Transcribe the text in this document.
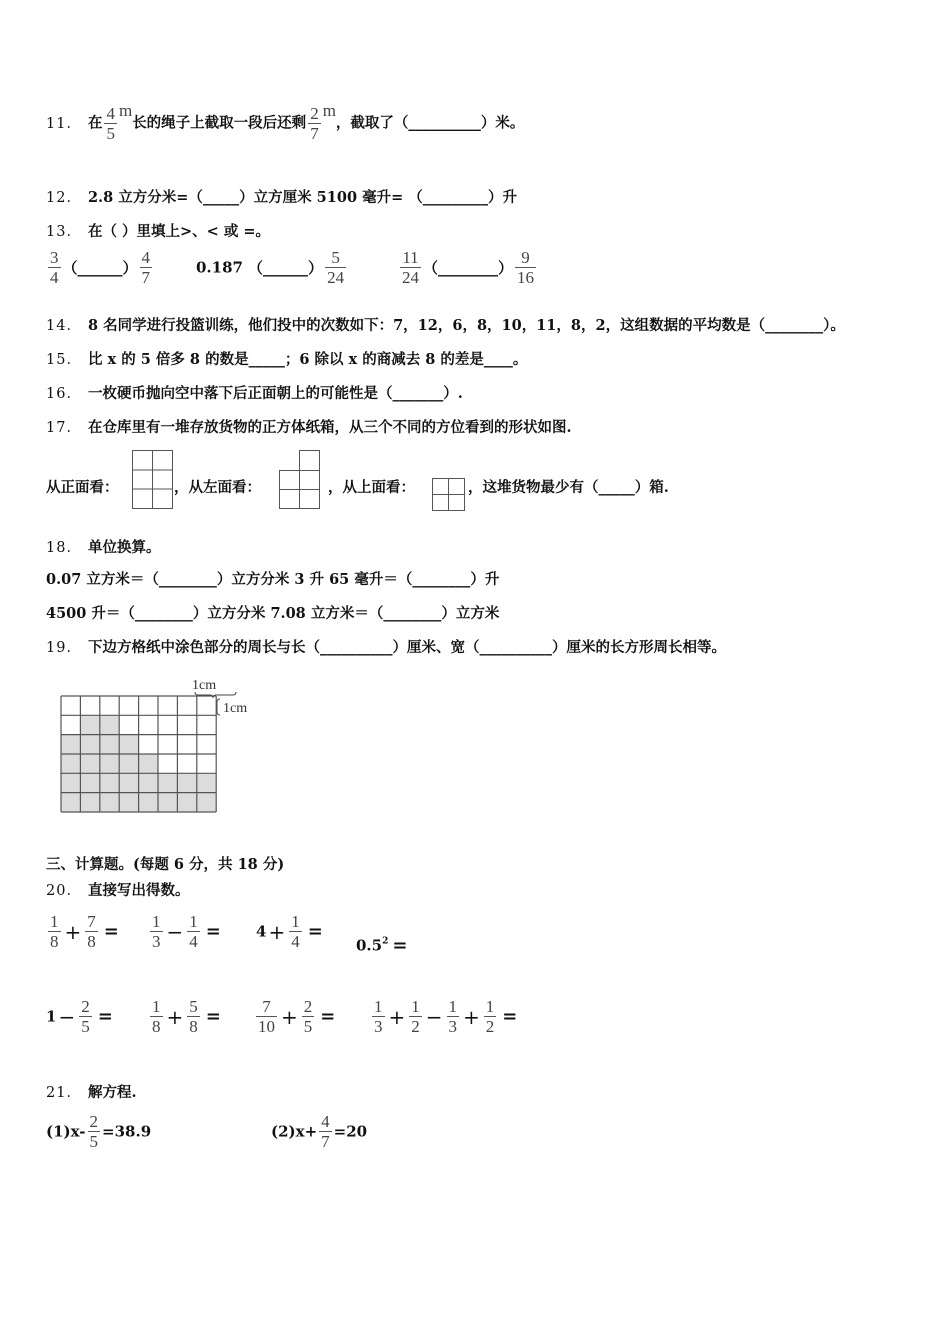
11． 在 $\frac{4}{5}$ m长的绳子上截取一段后还剩 $\frac{2}{7}$ m，截取了（__________）米。
12． 2.8 立方分米=（_____）立方厘米 5100 毫升= （_________）升
13． 在（ ）里填上>、< 或 =。
$\frac{3}{4}$ （______） $\frac{4}{7}$	0.187 （______） $\frac{5}{24}$	$\frac{11}{24}$ （________） $\frac{9}{16}$
14． 8 名同学进行投篮训练，他们投中的次数如下：7，12，6，8，10，11，8，2，这组数据的平均数是（________）。
15． 比 x 的 5 倍多 8 的数是_____；6 除以 x 的商减去 8 的差是____。
16． 一枚硬币抛向空中落下后正面朝上的可能性是（_______）.
17． 在仓库里有一堆存放货物的正方体纸箱，从三个不同的方位看到的形状如图.
从正面看：	，从左面看：	，从上面看：	，这堆货物最少有（_____）箱.
18． 单位换算。
0.07 立方米＝（________）立方分米 3 升 65 毫升＝（________）升
4500 升＝（________）立方分米 7.08 立方米＝（________）立方米
19． 下边方格纸中涂色部分的周长与长（__________）厘米、宽（__________）厘米的长方形周长相等。
1cm
1cm
三、计算题。(每题 6 分，共 18 分)
20． 直接写出得数。
$\frac{1}{8} + \frac{7}{8} = \frac{1}{3} - \frac{1}{4} = 4 + \frac{1}{4}$ =
$0.5^2$ =
$1 - \frac{2}{5} = \frac{1}{8} + \frac{5}{8} = \frac{7}{10} + \frac{2}{5} = \frac{1}{3} + \frac{1}{2} - \frac{1}{3} + \frac{1}{2}$ =
21． 解方程.
$(1)x- \frac{2}{5} =38.9$	$(2)x+ \frac{4}{7} =20$
